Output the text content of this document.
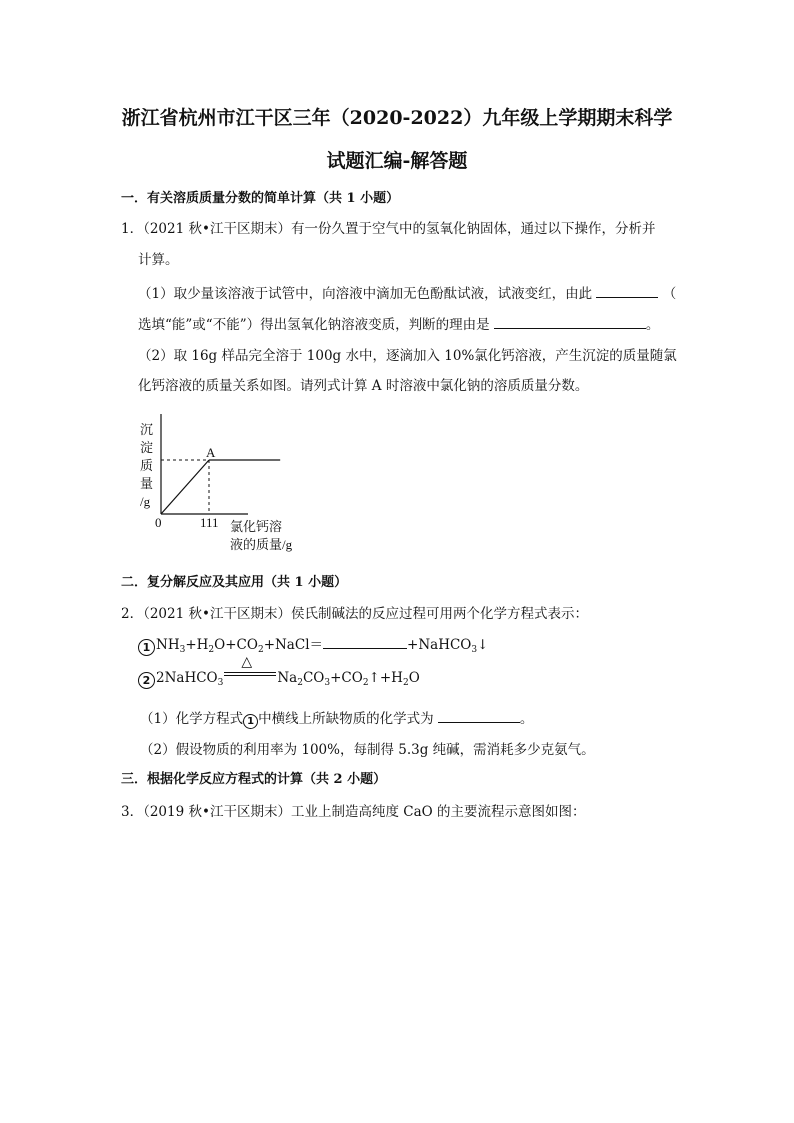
浙江省杭州市江干区三年（2020-2022）九年级上学期期末科学
试题汇编-解答题
一．有关溶质质量分数的简单计算（共 1 小题）
1．（2021 秋•江干区期末）有一份久置于空气中的氢氧化钠固体，通过以下操作，分析并
计算。
（1）取少量该溶液于试管中，向溶液中滴加无色酚酞试液，试液变红，由此	（
选填“能”或“不能”）得出氢氧化钠溶液变质，判断的理由是	。
（2）取 16g 样品完全溶于 100g 水中，逐滴加入 10%氯化钙溶液，产生沉淀的质量随氯
化钙溶液的质量关系如图。请列式计算 A 时溶液中氯化钠的溶质质量分数。
沉
淀
质
量
/g
0	111
A
氯化钙溶
液的质量/g
二．复分解反应及其应用（共 1 小题）
2．（2021 秋•江干区期末）侯氏制碱法的反应过程可用两个化学方程式表示：
1 $NH_3+H_2O+CO_2+NaCl=$	+NaHCO$_3$↓
2 2NaHCO$_3$
△
$Na_2CO_3+CO_2↑+H_2O$
（1）化学方程式 1 中横线上所缺物质的化学式为	。
（2）假设物质的利用率为 100%，每制得 5.3g 纯碱，需消耗多少克氨气。
三．根据化学反应方程式的计算（共 2 小题）
3．（2019 秋•江干区期末）工业上制造高纯度 CaO 的主要流程示意图如图：
